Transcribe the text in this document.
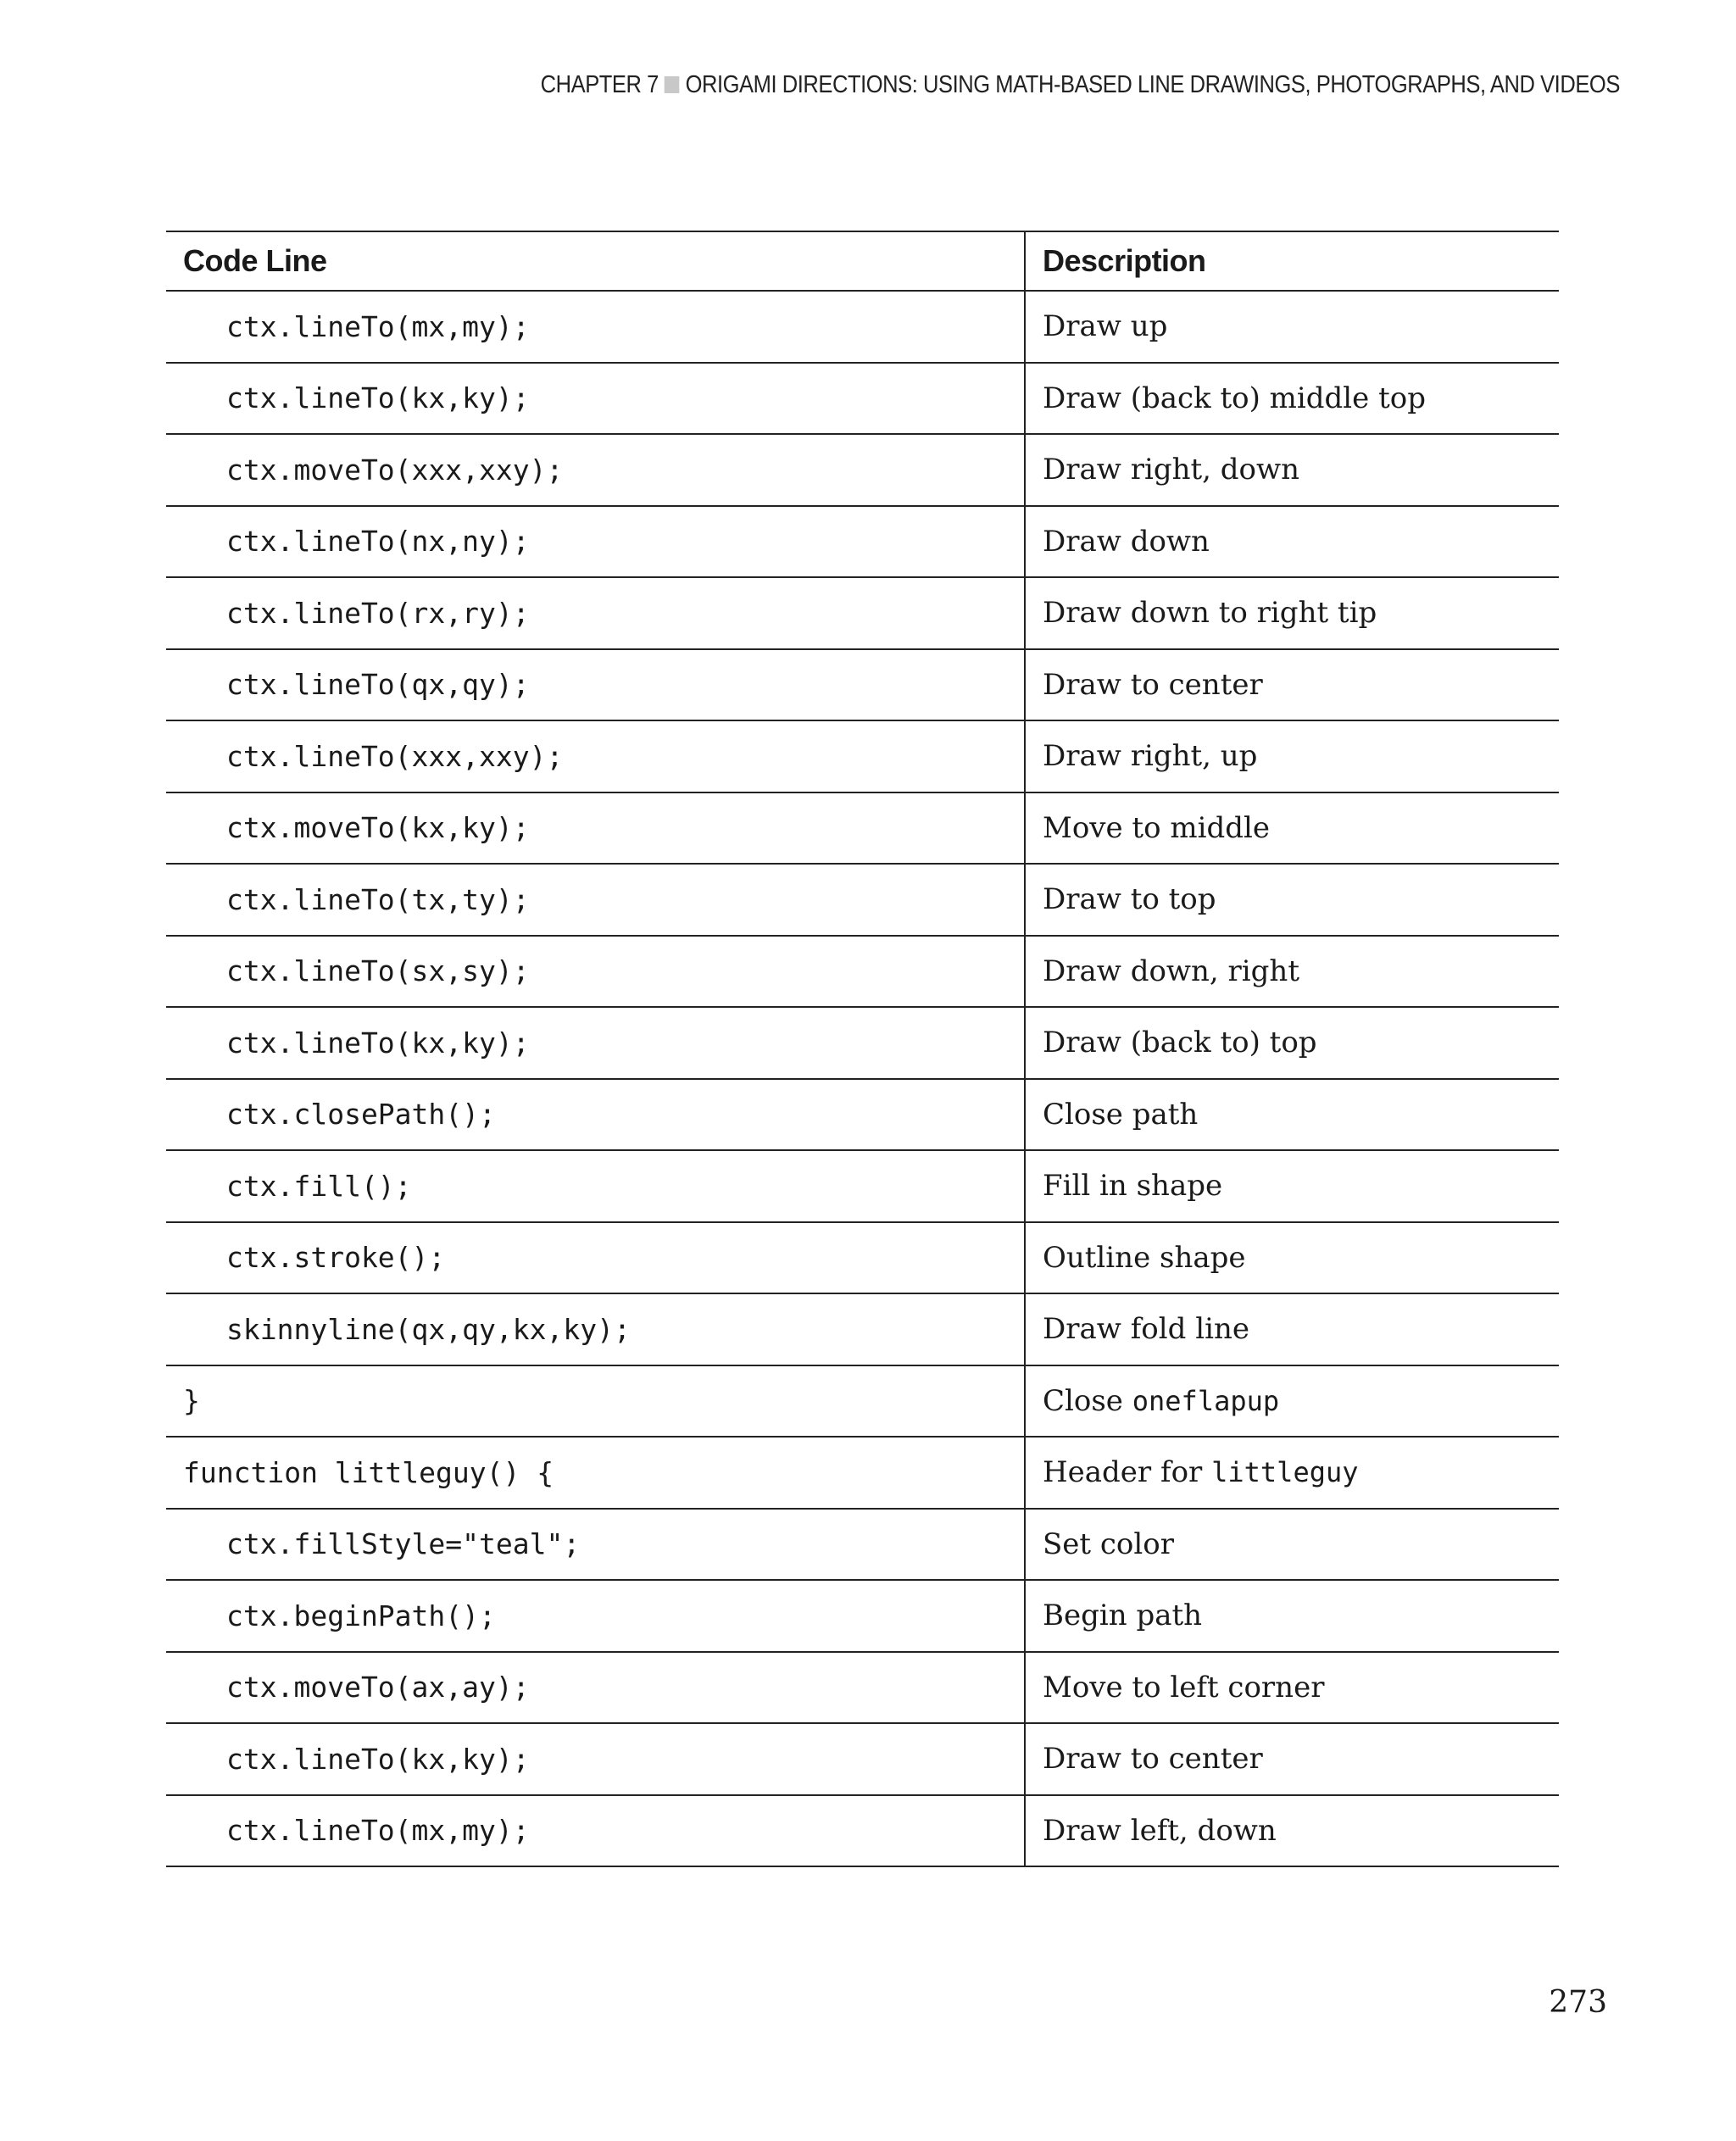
CHAPTER 7 ORIGAMI DIRECTIONS: USING MATH-BASED LINE DRAWINGS, PHOTOGRAPHS, AND VIDEOS
Code Line	Description
ctx.lineTo(mx,my);	Draw up
ctx.lineTo(kx,ky);	Draw (back to) middle top
ctx.moveTo(xxx,xxy);	Draw right, down
ctx.lineTo(nx,ny);	Draw down
ctx.lineTo(rx,ry);	Draw down to right tip
ctx.lineTo(qx,qy);	Draw to center
ctx.lineTo(xxx,xxy);	Draw right, up
ctx.moveTo(kx,ky);	Move to middle
ctx.lineTo(tx,ty);	Draw to top
ctx.lineTo(sx,sy);	Draw down, right
ctx.lineTo(kx,ky);	Draw (back to) top
ctx.closePath();	Close path
ctx.fill();	Fill in shape
ctx.stroke();	Outline shape
skinnyline(qx,qy,kx,ky);	Draw fold line
}	Close oneflapup
function littleguy() {	Header for littleguy
ctx.fillStyle="teal";	Set color
ctx.beginPath();	Begin path
ctx.moveTo(ax,ay);	Move to left corner
ctx.lineTo(kx,ky);	Draw to center
ctx.lineTo(mx,my);	Draw left, down
273
